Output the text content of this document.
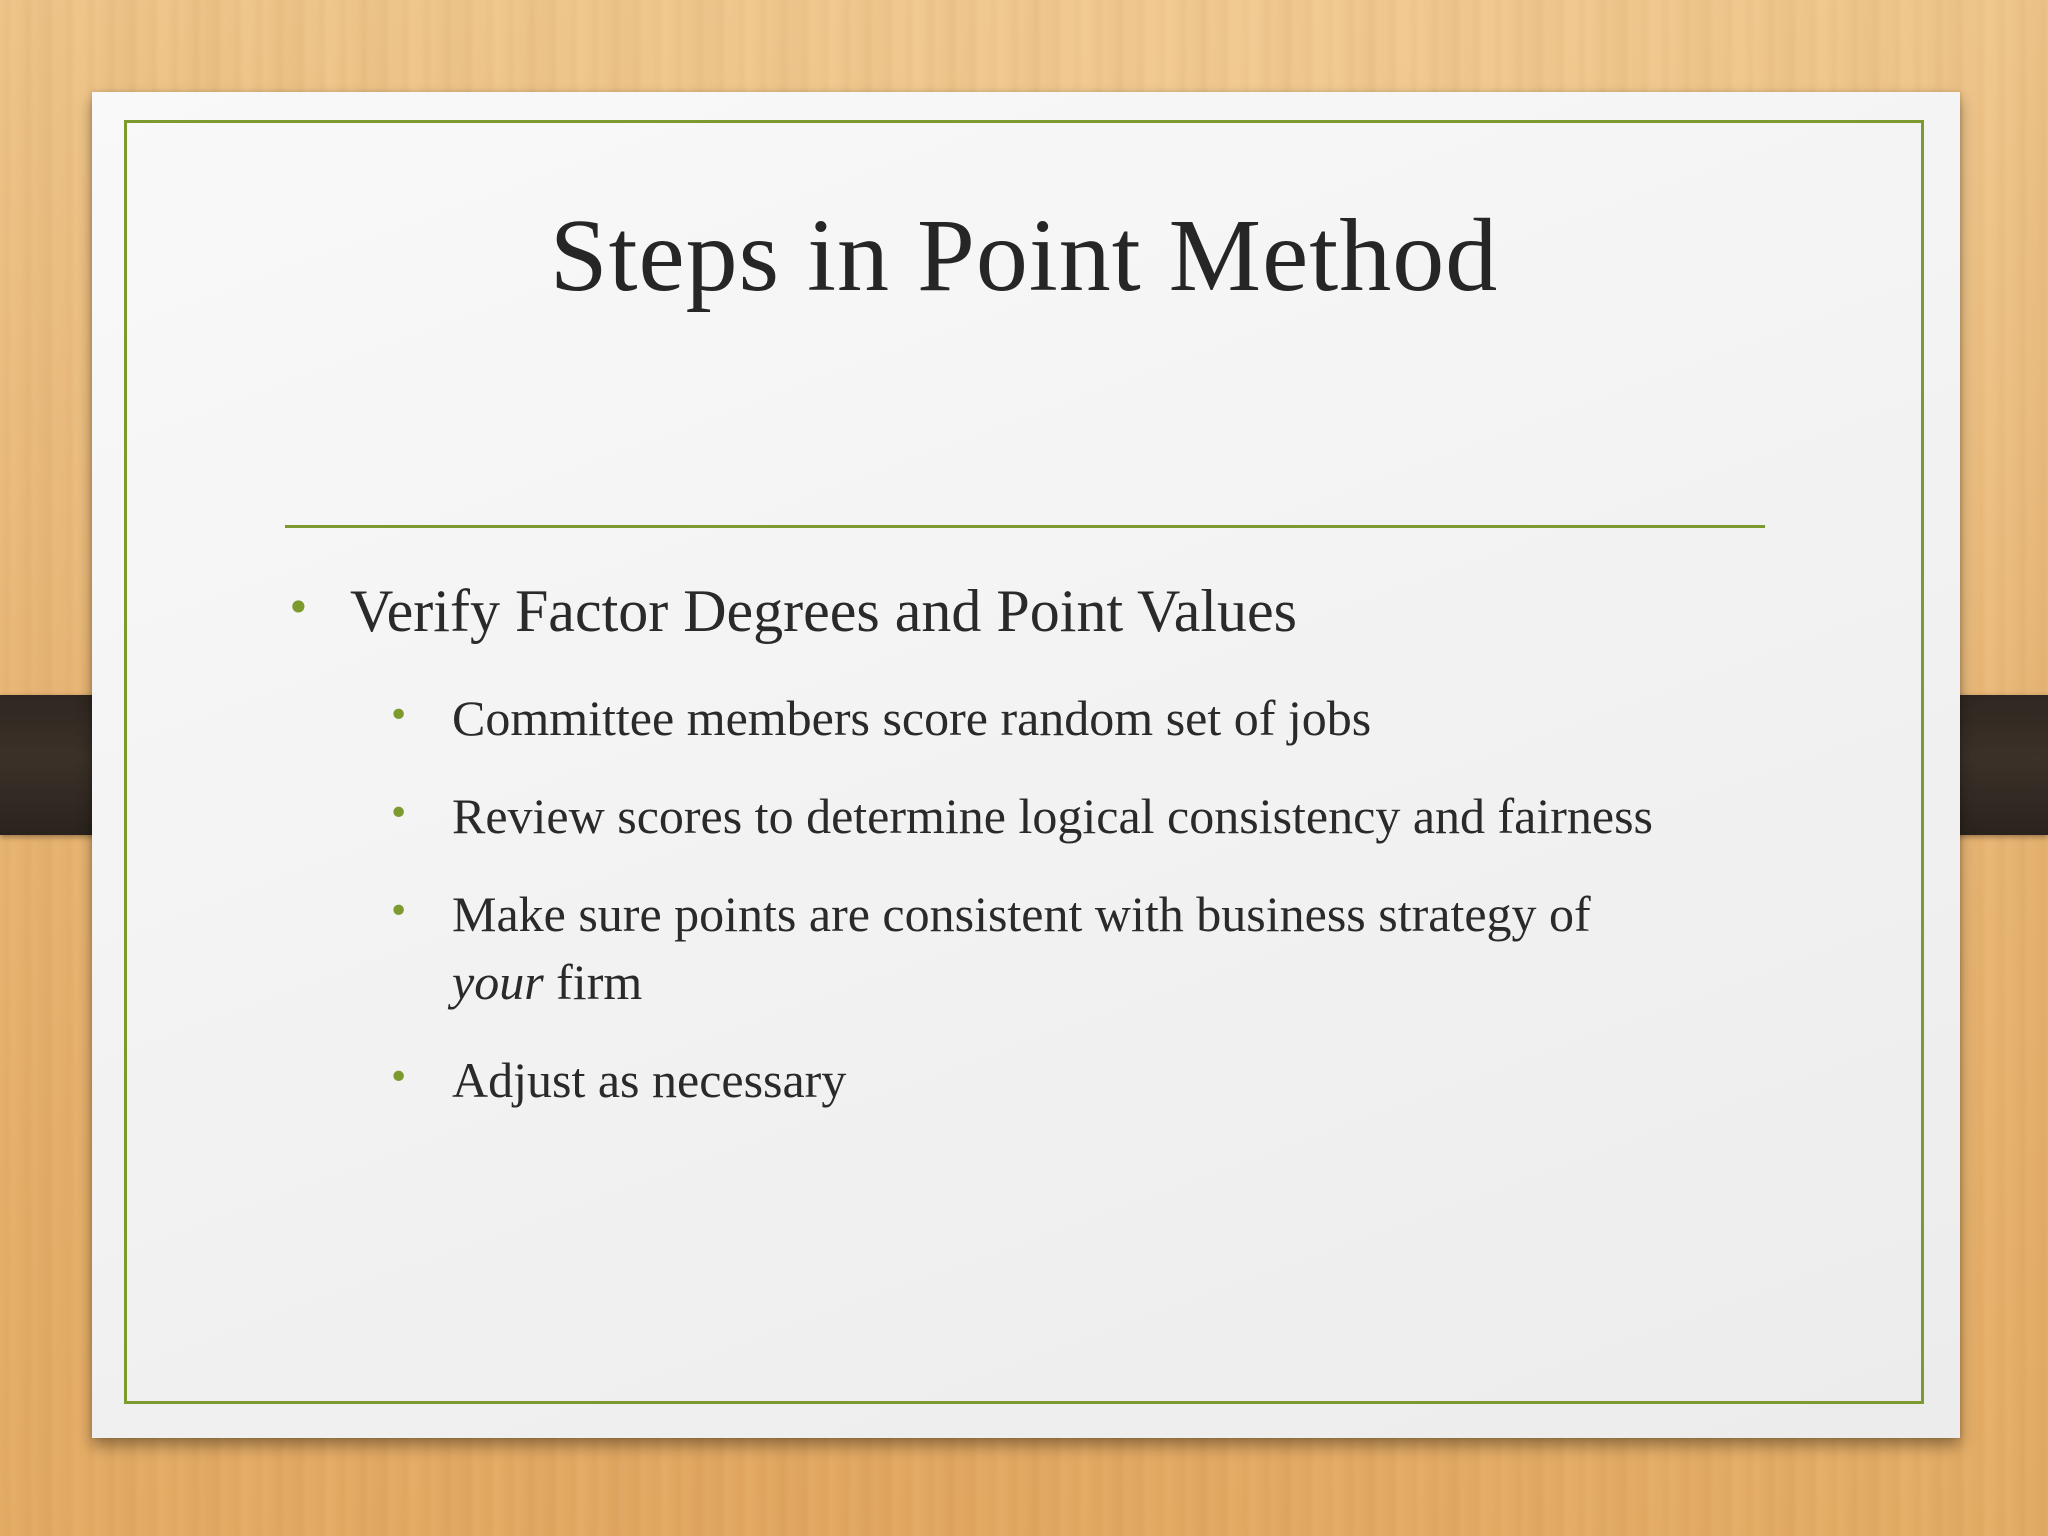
Steps in Point Method
• Verify Factor Degrees and Point Values

• Committee members score random set of jobs

• Review scores to determine logical consistency and fairness

• Make sure points are consistent with business strategy of
your firm

• Adjust as necessary
